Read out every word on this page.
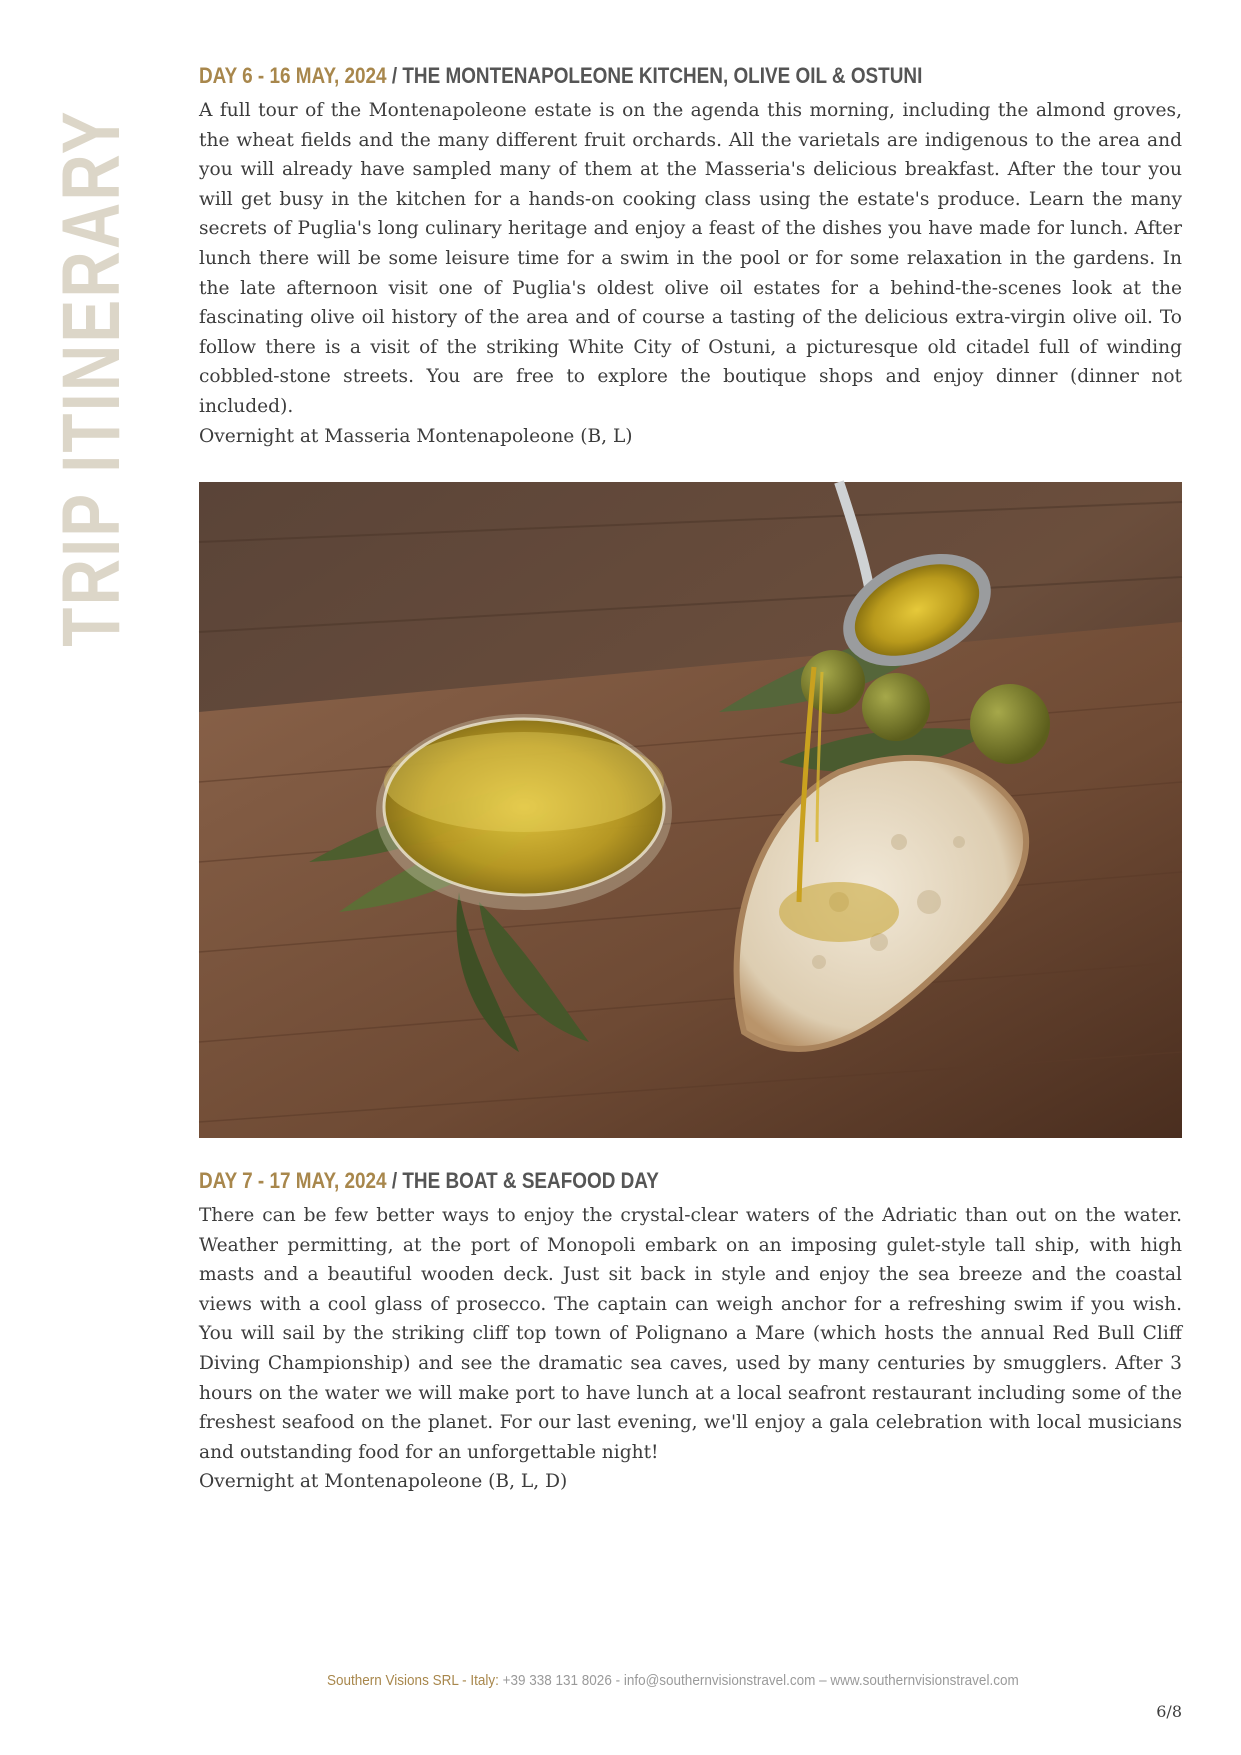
TRIP ITINERARY
DAY 6 - 16 MAY, 2024 / THE MONTENAPOLEONE KITCHEN, OLIVE OIL & OSTUNI

A full tour of the Montenapoleone estate is on the agenda this morning, including the almond groves, the wheat fields and the many different fruit orchards. All the varietals are indigenous to the area and you will already have sampled many of them at the Masseria's delicious breakfast. After the tour you will get busy in the kitchen for a hands-on cooking class using the estate's produce. Learn the many secrets of Puglia's long culinary heritage and enjoy a feast of the dishes you have made for lunch. After lunch there will be some leisure time for a swim in the pool or for some relaxation in the gardens. In the late afternoon visit one of Puglia's oldest olive oil estates for a behind-the-scenes look at the fascinating olive oil history of the area and of course a tasting of the delicious extra-virgin olive oil. To follow there is a visit of the striking White City of Ostuni, a picturesque old citadel full of winding cobbled-stone streets. You are free to explore the boutique shops and enjoy dinner (dinner not included).

Overnight at Masseria Montenapoleone (B, L)

DAY 7 - 17 MAY, 2024 / THE BOAT & SEAFOOD DAY

There can be few better ways to enjoy the crystal-clear waters of the Adriatic than out on the water. Weather permitting, at the port of Monopoli embark on an imposing gulet-style tall ship, with high masts and a beautiful wooden deck. Just sit back in style and enjoy the sea breeze and the coastal views with a cool glass of prosecco. The captain can weigh anchor for a refreshing swim if you wish. You will sail by the striking cliff top town of Polignano a Mare (which hosts the annual Red Bull Cliff Diving Championship) and see the dramatic sea caves, used by many centuries by smugglers. After 3 hours on the water we will make port to have lunch at a local seafront restaurant including some of the freshest seafood on the planet. For our last evening, we'll enjoy a gala celebration with local musicians and outstanding food for an unforgettable night!

Overnight at Montenapoleone (B, L, D)

Southern Visions SRL - Italy: +39 338 131 8026 - info@southernvisionstravel.com – www.southernvisionstravel.com
6/8
